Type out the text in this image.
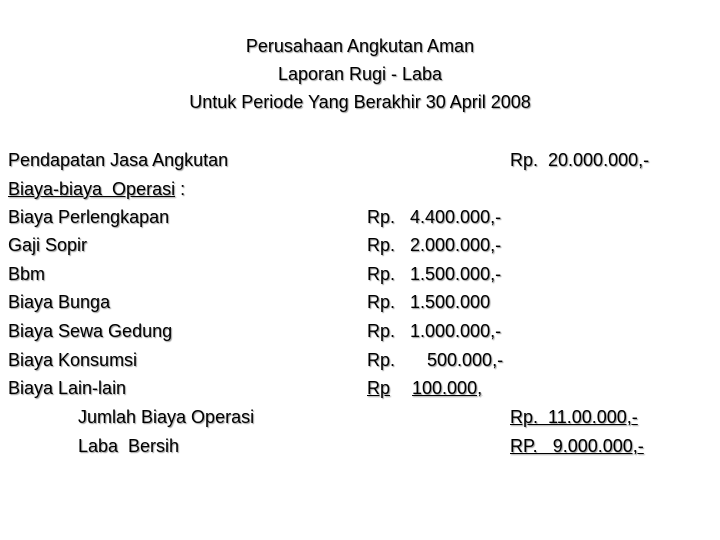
Perusahaan Angkutan Aman
Laporan Rugi - Laba
Untuk Periode Yang Berakhir 30 April 2008
Pendapatan Jasa Angkutan	Rp.  20.000.000,-
Biaya-biaya  Operasi :
Biaya Perlengkapan	Rp. 4.400.000,-
Gaji Sopir	Rp. 2.000.000,-
Bbm	Rp. 1.500.000,-
Biaya Bunga	Rp. 1.500.000
Biaya Sewa Gedung	Rp. 1.000.000,-
Biaya Konsumsi	Rp. 500.000,-
Biaya Lain-lain	Rp 100.000,
Jumlah Biaya Operasi	Rp.  11.00.000,-
Laba  Bersih	RP.   9.000.000,-
